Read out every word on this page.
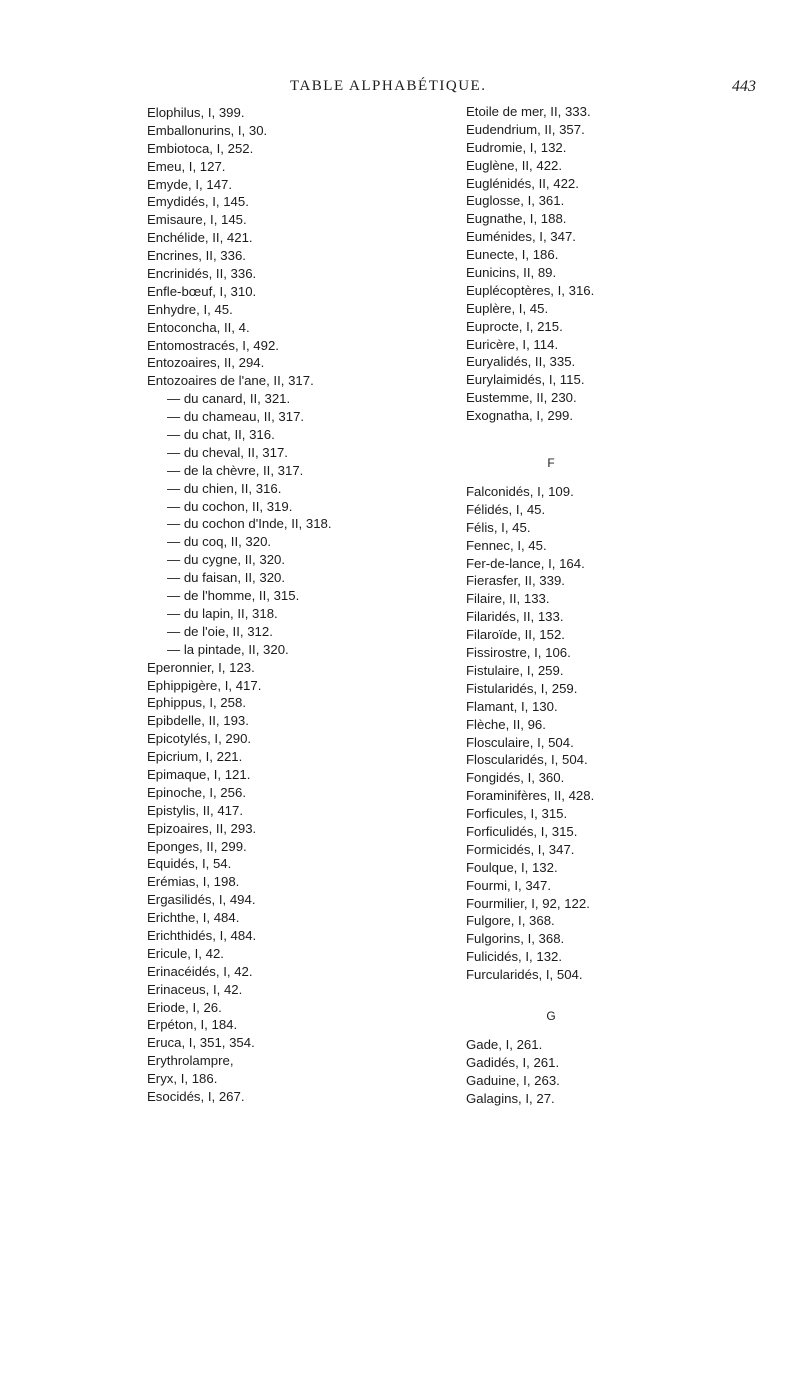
TABLE ALPHABÉTIQUE.	443
Elophilus, I, 399.
Emballonurins, I, 30.
Embiotoca, I, 252.
Emeu, I, 127.
Emyde, I, 147.
Emydidés, I, 145.
Emisaure, I, 145.
Enchélide, II, 421.
Encrines, II, 336.
Encrinidés, II, 336.
Enfle-bœuf, I, 310.
Enhydre, I, 45.
Entoconcha, II, 4.
Entomostracés, I, 492.
Entozoaires, II, 294.
Entozoaires de l'ane, II, 317.
— du canard, II, 321.
— du chameau, II, 317.
— du chat, II, 316.
— du cheval, II, 317.
— de la chèvre, II, 317.
— du chien, II, 316.
— du cochon, II, 319.
— du cochon d'Inde, II, 318.
— du coq, II, 320.
— du cygne, II, 320.
— du faisan, II, 320.
— de l'homme, II, 315.
— du lapin, II, 318.
— de l'oie, II, 312.
— la pintade, II, 320.
Eperonnier, I, 123.
Ephippigère, I, 417.
Ephippus, I, 258.
Epibdelle, II, 193.
Epicotylés, I, 290.
Epicrium, I, 221.
Epimaque, I, 121.
Epinoche, I, 256.
Epistylis, II, 417.
Epizoaires, II, 293.
Eponges, II, 299.
Equidés, I, 54.
Erémias, I, 198.
Ergasilidés, I, 494.
Erichthe, I, 484.
Erichthidés, I, 484.
Ericule, I, 42.
Erinacéidés, I, 42.
Erinaceus, I, 42.
Eriode, I, 26.
Erpéton, I, 184.
Eruca, I, 351, 354.
Erythrolampre,
Eryx, I, 186.
Esocidés, I, 267.
Etoile de mer, II, 333.
Eudendrium, II, 357.
Eudromie, I, 132.
Euglène, II, 422.
Euglénidés, II, 422.
Euglosse, I, 361.
Eugnathe, I, 188.
Euménides, I, 347.
Eunecte, I, 186.
Eunicins, II, 89.
Euplécoptères, I, 316.
Euplère, I, 45.
Euprocte, I, 215.
Euricère, I, 114.
Euryalidés, II, 335.
Eurylaimidés, I, 115.
Eustemme, II, 230.
Exognatha, I, 299.
F
Falconidés, I, 109.
Félidés, I, 45.
Félis, I, 45.
Fennec, I, 45.
Fer-de-lance, I, 164.
Fierasfer, II, 339.
Filaire, II, 133.
Filaridés, II, 133.
Filaroïde, II, 152.
Fissirostre, I, 106.
Fistulaire, I, 259.
Fistularidés, I, 259.
Flamant, I, 130.
Flèche, II, 96.
Flosculaire, I, 504.
Floscularidés, I, 504.
Fongidés, I, 360.
Foraminifères, II, 428.
Forficules, I, 315.
Forficulidés, I, 315.
Formicidés, I, 347.
Foulque, I, 132.
Fourmi, I, 347.
Fourmilier, I, 92, 122.
Fulgore, I, 368.
Fulgorins, I, 368.
Fulicidés, I, 132.
Furcularidés, I, 504.
G
Gade, I, 261.
Gadidés, I, 261.
Gaduine, I, 263.
Galagins, I, 27.
